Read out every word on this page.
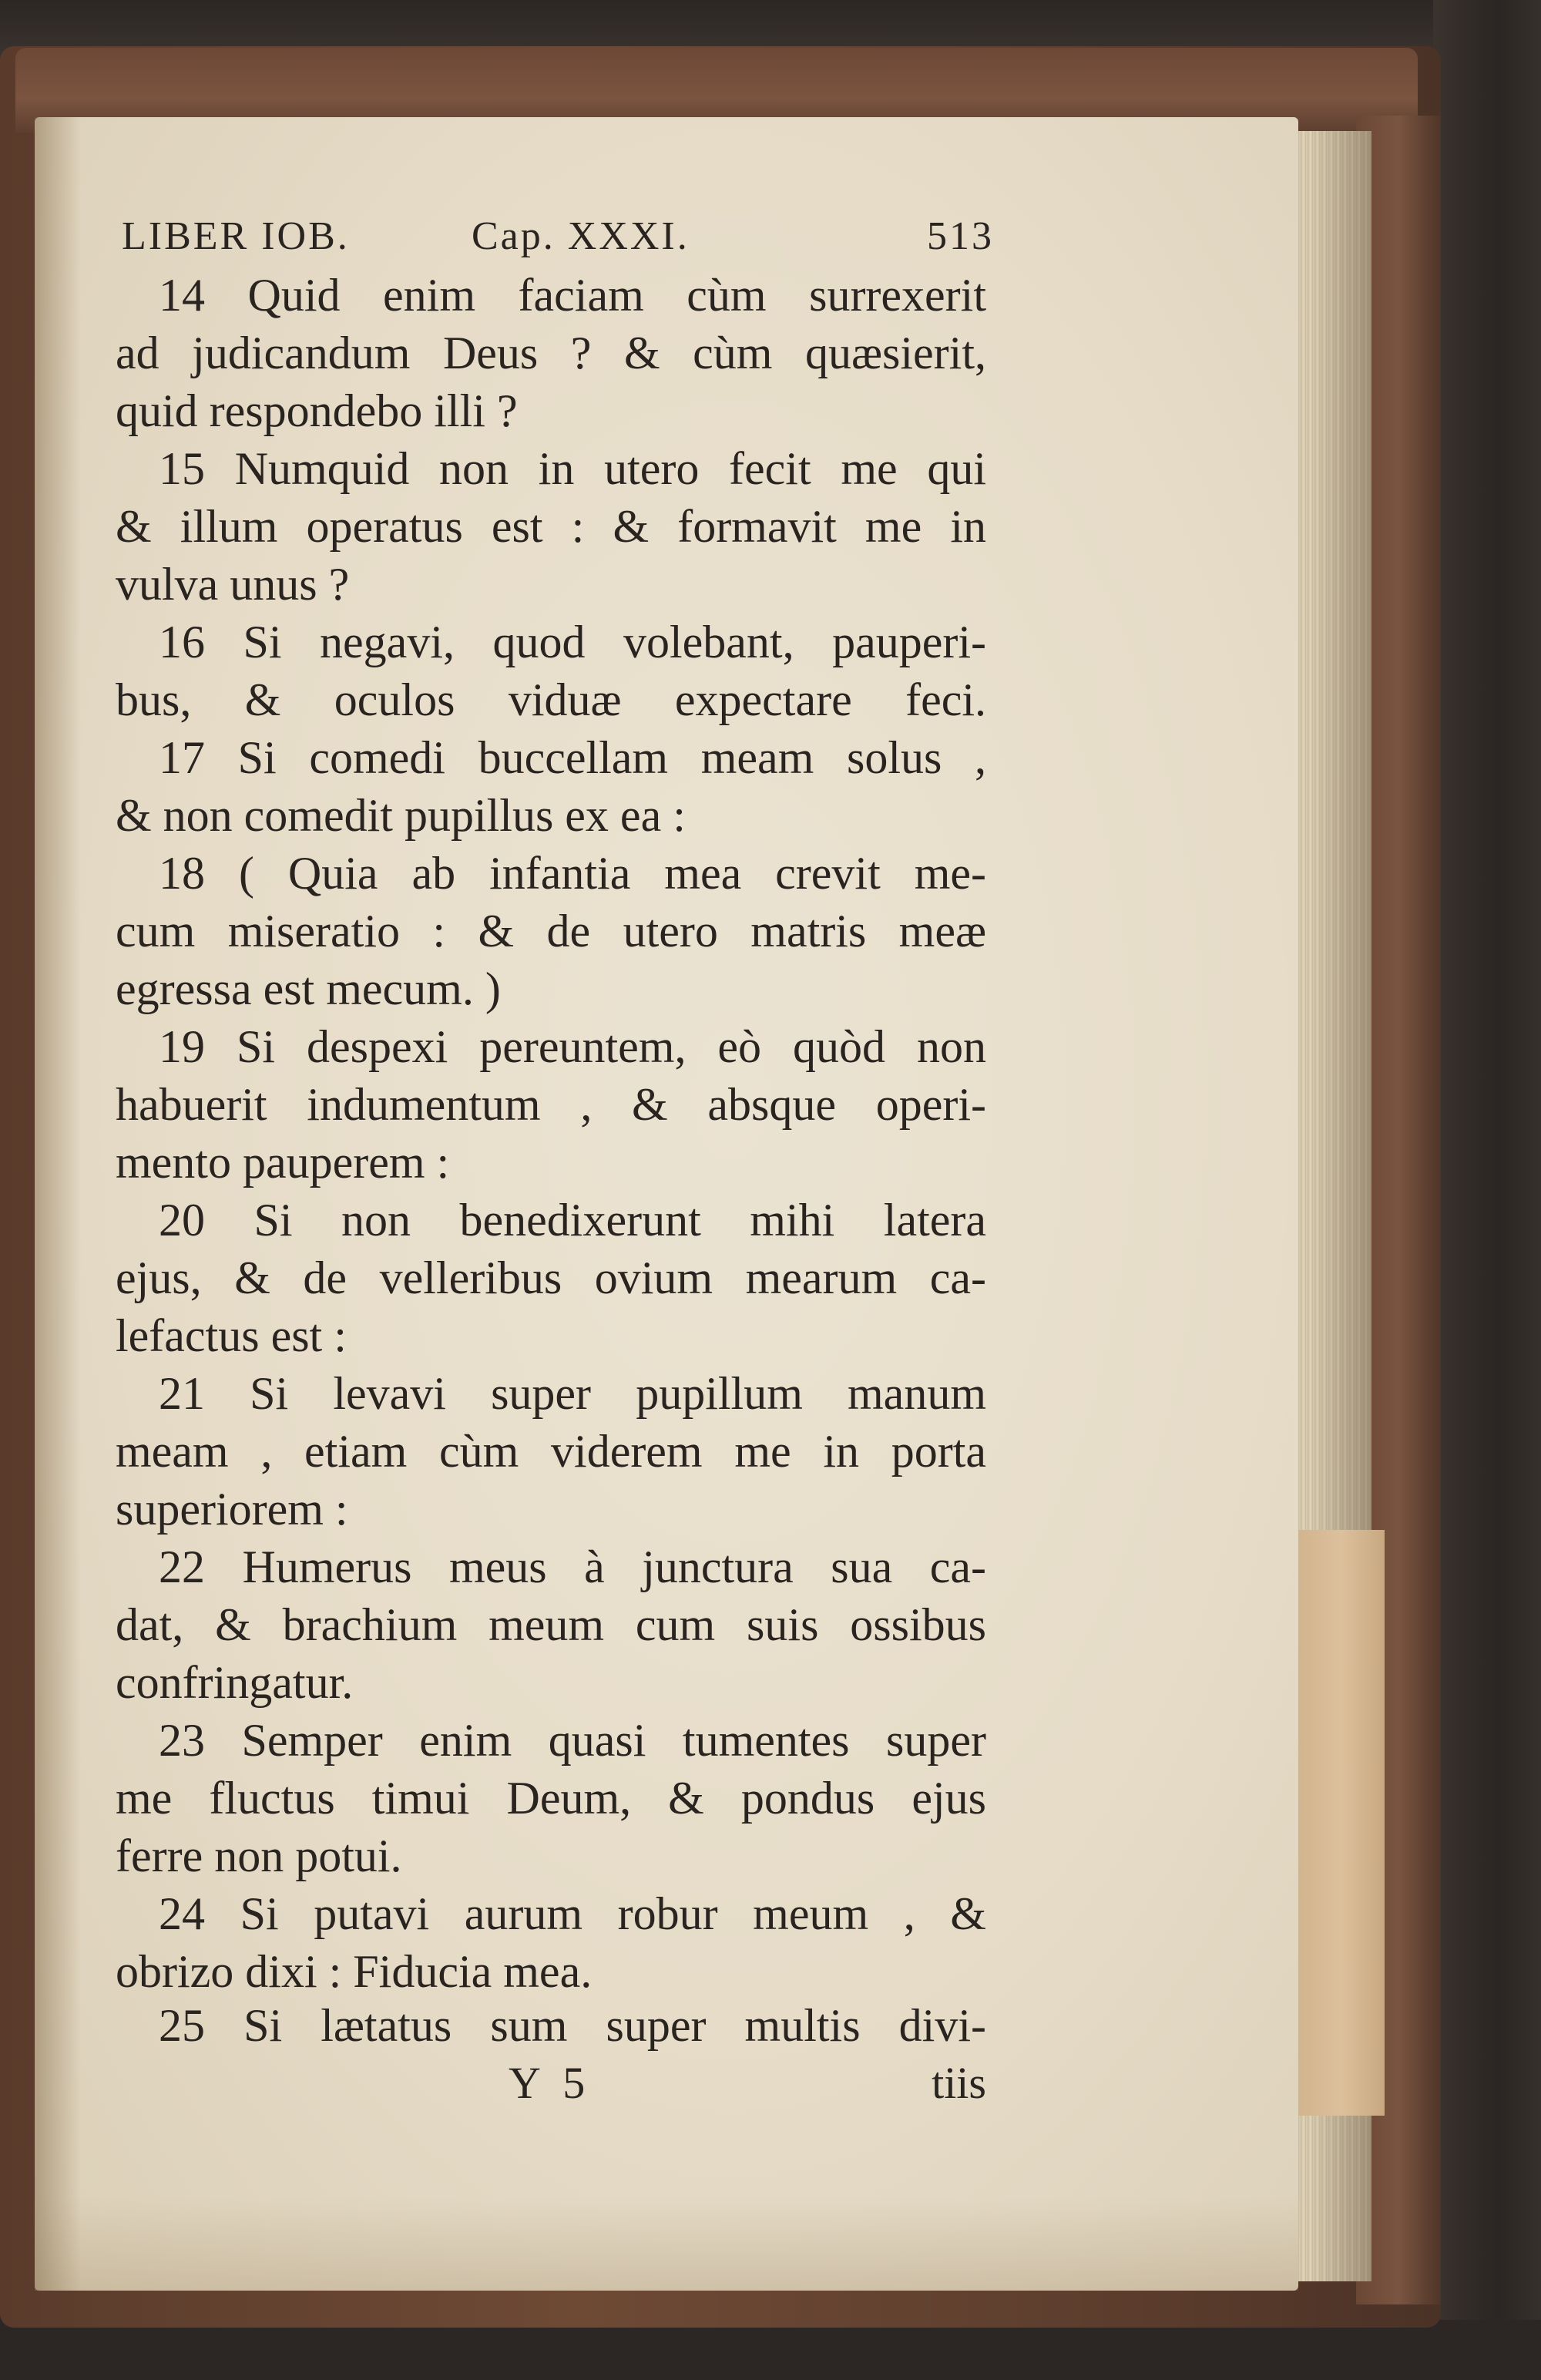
LIBER IOB.	Cap. XXXI.	513
14 Quid enim faciam cùm surrexerit
ad judicandum Deus ? & cùm quæsierit,
quid respondebo illi ?
15 Numquid non in utero fecit me qui
& illum operatus est : & formavit me in
vulva unus ?
16 Si negavi, quod volebant, pauperi-
bus, & oculos viduæ expectare feci.
17 Si comedi buccellam meam solus ,
& non comedit pupillus ex ea :
18 ( Quia ab infantia mea crevit me-
cum miseratio : & de utero matris meæ
egressa est mecum. )
19 Si despexi pereuntem, eò quòd non
habuerit indumentum , & absque operi-
mento pauperem :
20 Si non benedixerunt mihi latera
ejus, & de velleribus ovium mearum ca-
lefactus est :
21 Si levavi super pupillum manum
meam , etiam cùm viderem me in porta
superiorem :
22 Humerus meus à junctura sua ca-
dat, & brachium meum cum suis ossibus
confringatur.
23 Semper enim quasi tumentes super
me fluctus timui Deum, & pondus ejus
ferre non potui.
24 Si putavi aurum robur meum , &
obrizo dixi : Fiducia mea.
25 Si lætatus sum super multis divi-
Y 5	tiis
